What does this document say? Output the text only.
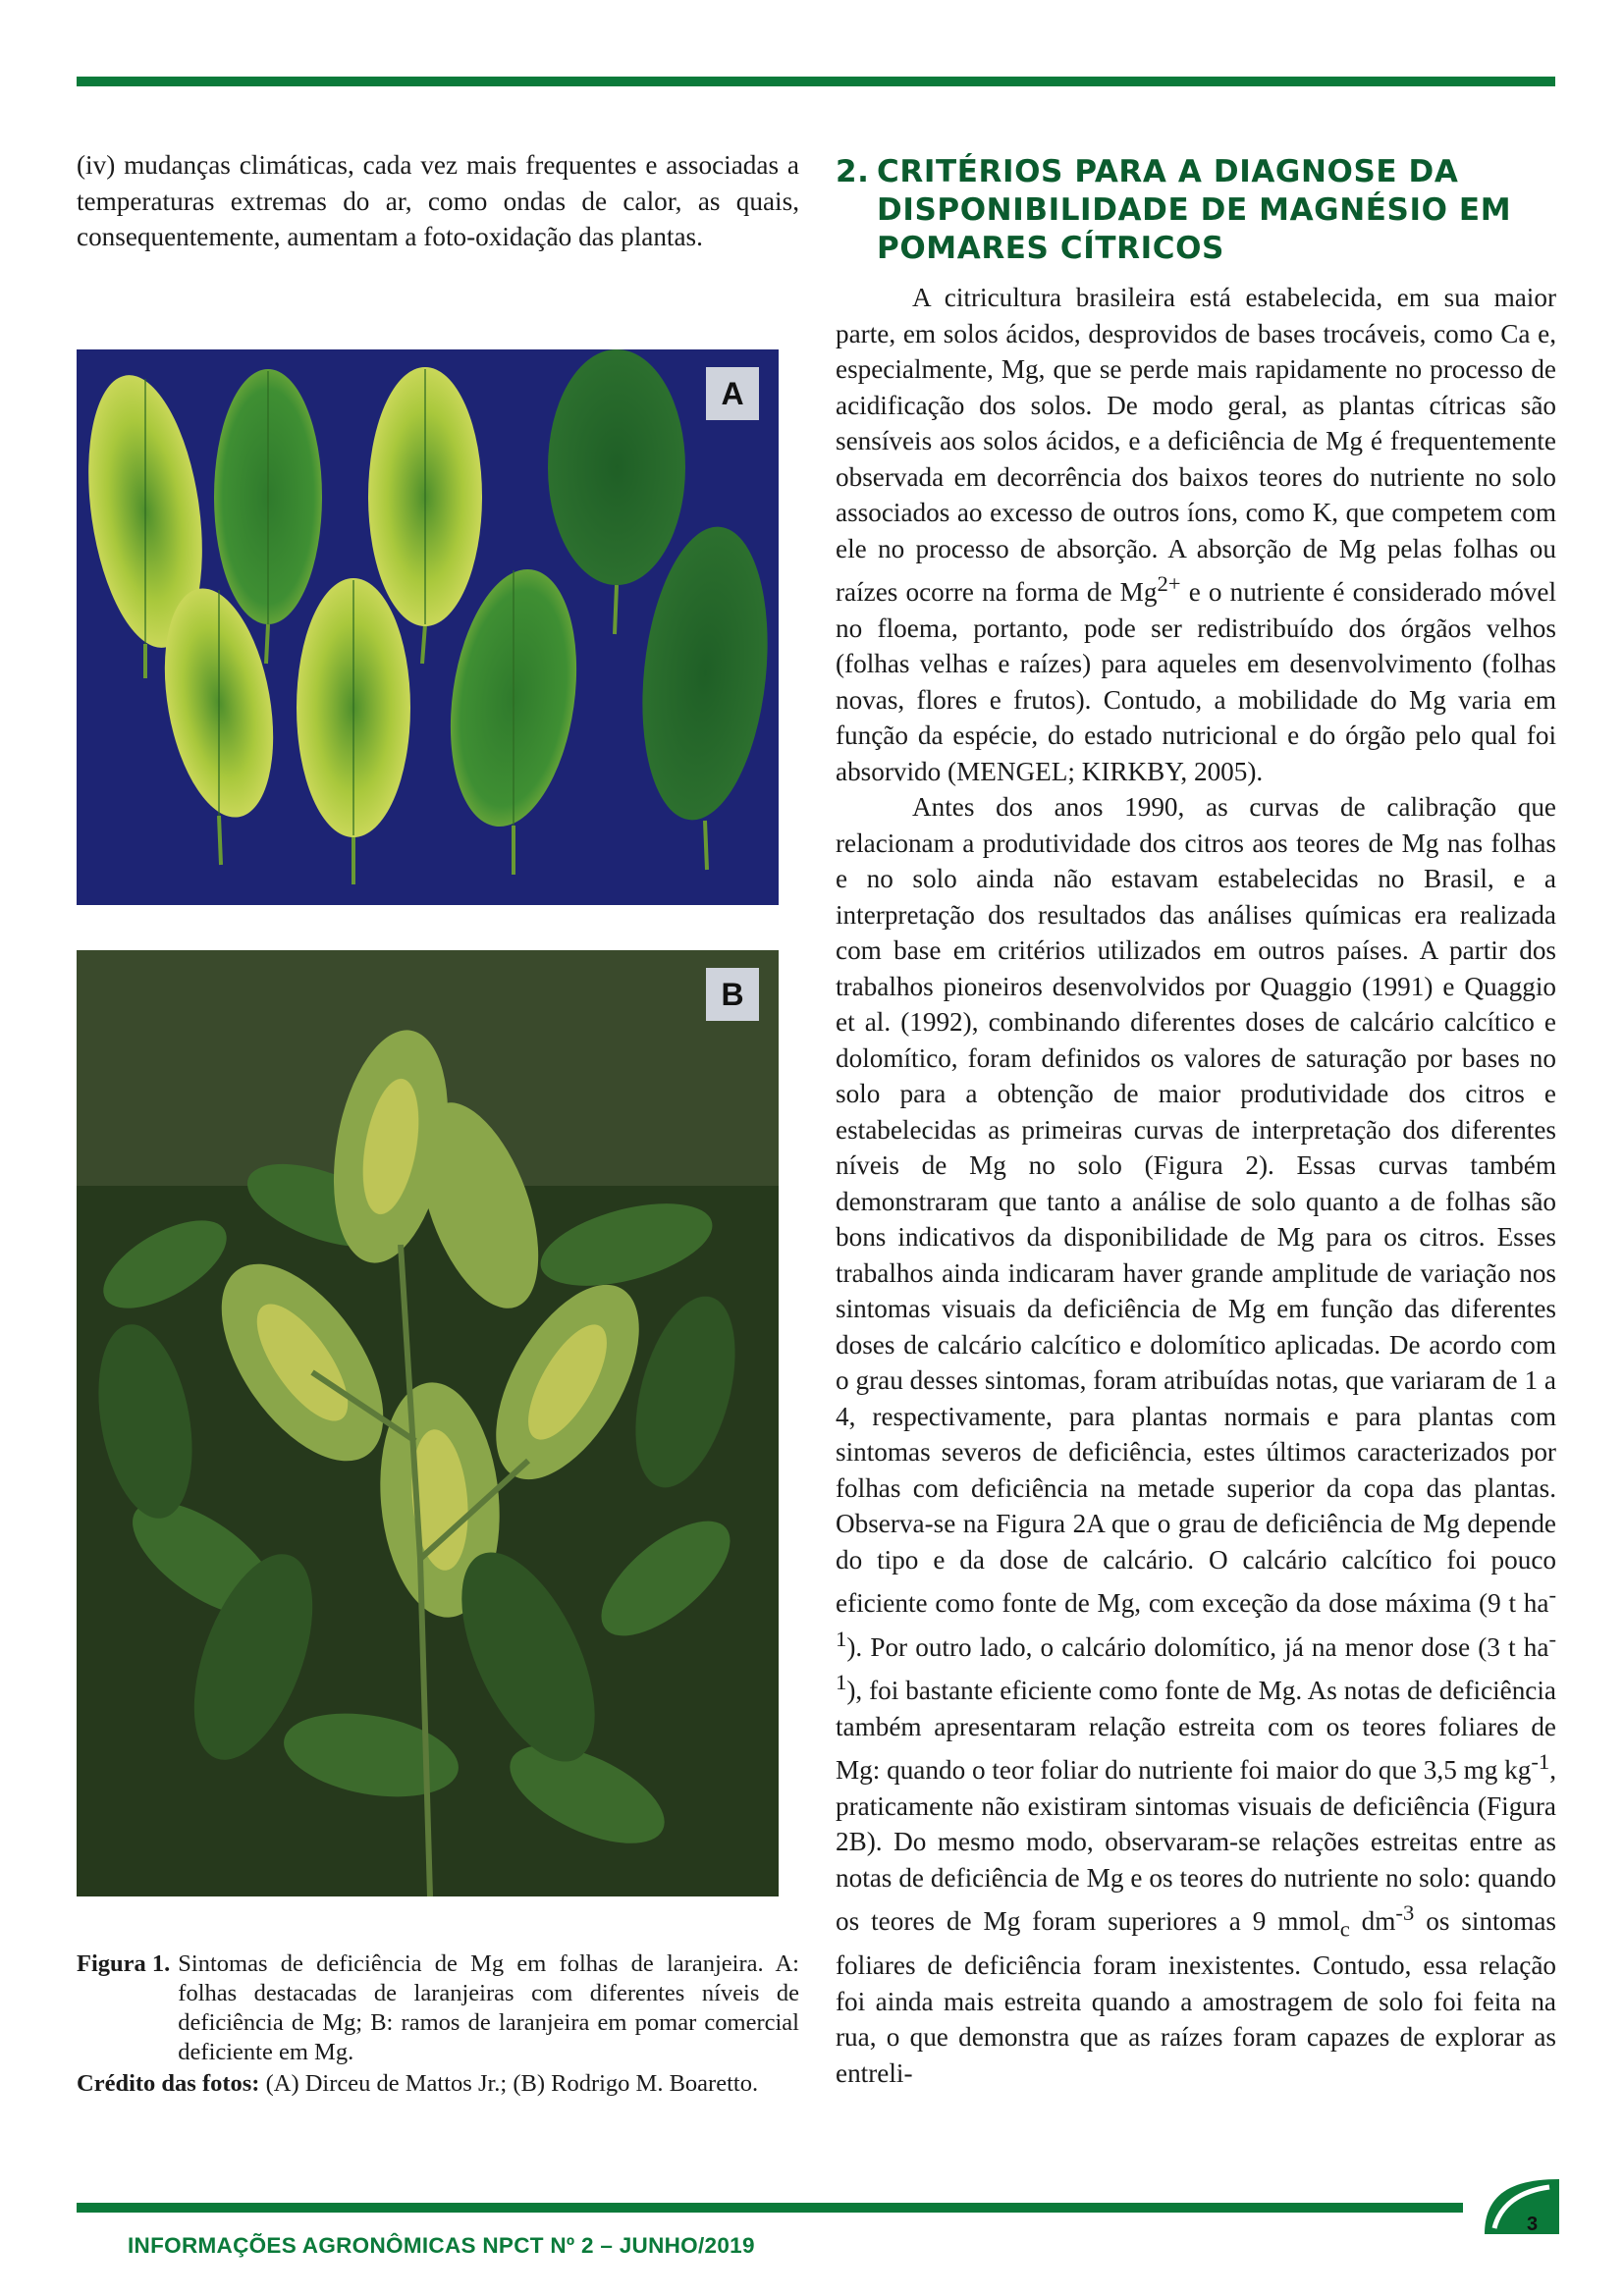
(iv) mudanças climáticas, cada vez mais frequentes e associadas a temperaturas extremas do ar, como ondas de calor, as quais, consequentemente, aumentam a foto-oxidação das plantas.

A
B
Figura 1. Sintomas de deficiência de Mg em folhas de laranjeira. A: folhas destacadas de laranjeiras com diferentes níveis de deficiência de Mg; B: ramos de laranjeira em pomar comercial deficiente em Mg.
Crédito das fotos: (A) Dirceu de Mattos Jr.; (B) Rodrigo M. Boaretto.
2. CRITÉRIOS PARA A DIAGNOSE DA DISPONIBILIDADE DE MAGNÉSIO EM POMARES CÍTRICOS

A citricultura brasileira está estabelecida, em sua maior parte, em solos ácidos, desprovidos de bases trocáveis, como Ca e, especialmente, Mg, que se perde mais rapidamente no processo de acidificação dos solos. De modo geral, as plantas cítricas são sensíveis aos solos ácidos, e a deficiência de Mg é frequentemente observada em decorrência dos baixos teores do nutriente no solo associados ao excesso de outros íons, como K, que competem com ele no processo de absorção. A absorção de Mg pelas folhas ou raízes ocorre na forma de $Mg^{2+}$ e o nutriente é considerado móvel no floema, portanto, pode ser redistribuído dos órgãos velhos (folhas velhas e raízes) para aqueles em desenvolvimento (folhas novas, flores e frutos). Contudo, a mobilidade do Mg varia em função da espécie, do estado nutricional e do órgão pelo qual foi absorvido (MENGEL; KIRKBY, 2005).

Antes dos anos 1990, as curvas de calibração que relacionam a produtividade dos citros aos teores de Mg nas folhas e no solo ainda não estavam estabelecidas no Brasil, e a interpretação dos resultados das análises químicas era realizada com base em critérios utilizados em outros países. A partir dos trabalhos pioneiros desenvolvidos por Quaggio (1991) e Quaggio et al. (1992), combinando diferentes doses de calcário calcítico e dolomítico, foram definidos os valores de saturação por bases no solo para a obtenção de maior produtividade dos citros e estabelecidas as primeiras curvas de interpretação dos diferentes níveis de Mg no solo (Figura 2). Essas curvas também demonstraram que tanto a análise de solo quanto a de folhas são bons indicativos da disponibilidade de Mg para os citros. Esses trabalhos ainda indicaram haver grande amplitude de variação nos sintomas visuais da deficiência de Mg em função das diferentes doses de calcário calcítico e dolomítico aplicadas. De acordo com o grau desses sintomas, foram atribuídas notas, que variaram de 1 a 4, respectivamente, para plantas normais e para plantas com sintomas severos de deficiência, estes últimos caracterizados por folhas com deficiência na metade superior da copa das plantas. Observa-se na Figura 2A que o grau de deficiência de Mg depende do tipo e da dose de calcário. O calcário calcítico foi pouco eficiente como fonte de Mg, com exceção da dose máxima (9 t $ha^{-1}$). Por outro lado, o calcário dolomítico, já na menor dose (3 t $ha^{-1}$), foi bastante eficiente como fonte de Mg. As notas de deficiência também apresentaram relação estreita com os teores foliares de Mg: quando o teor foliar do nutriente foi maior do que 3,5 mg $kg^{-1}$, praticamente não existiram sintomas visuais de deficiência (Figura 2B). Do mesmo modo, observaram-se relações estreitas entre as notas de deficiência de Mg e os teores do nutriente no solo: quando os teores de Mg foram superiores a 9 mmol$_c$ $dm^{-3}$ os sintomas foliares de deficiência foram inexistentes. Contudo, essa relação foi ainda mais estreita quando a amostragem de solo foi feita na rua, o que demonstra que as raízes foram capazes de explorar as entreli-

3
INFORMAÇÕES AGRONÔMICAS NPCT Nº 2 – JUNHO/2019
